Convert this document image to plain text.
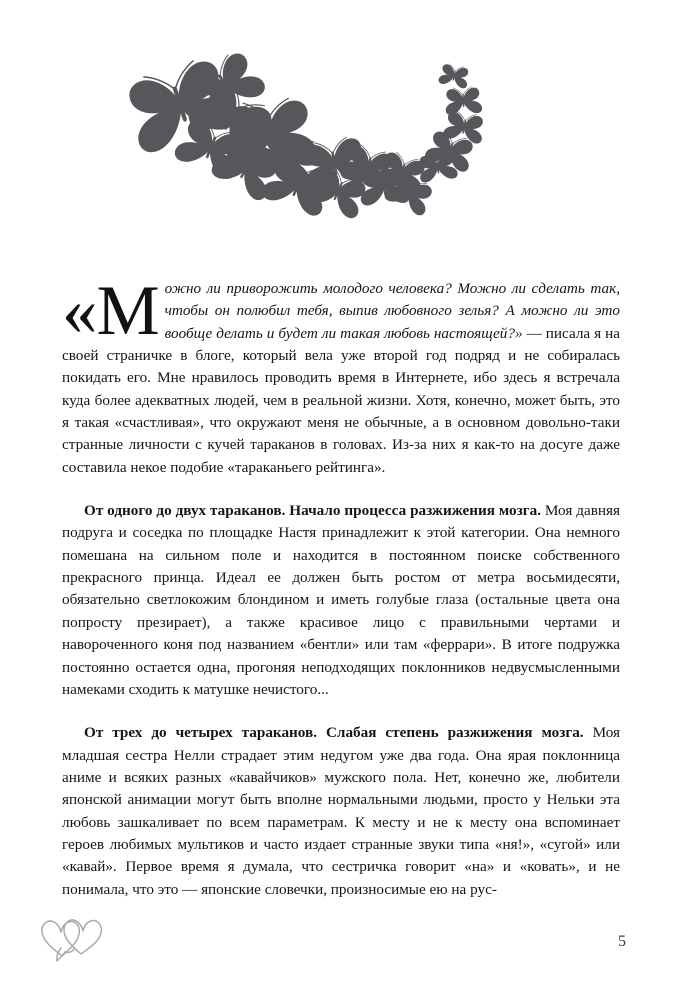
«Можно ли приворожить молодого человека? Можно ли сделать так, чтобы он полюбил тебя, выпив любовного зелья? А можно ли это вообще делать и будет ли такая любовь настоящей?» — писала я на своей страничке в блоге, который вела уже второй год подряд и не собиралась покидать его. Мне нравилось проводить время в Интернете, ибо здесь я встречала куда более адекватных людей, чем в реальной жизни. Хотя, конечно, может быть, это я такая «счастливая», что окружают меня не обычные, а в основном довольно-таки странные личности с кучей тараканов в головах. Из-за них я как-то на досуге даже составила некое подобие «тараканьего рейтинга».

От одного до двух тараканов. Начало процесса разжижения мозга. Моя давняя подруга и соседка по площадке Настя принадлежит к этой категории. Она немного помешана на сильном поле и находится в постоянном поиске собственного прекрасного принца. Идеал ее должен быть ростом от метра восьмидесяти, обязательно светлокожим блондином и иметь голубые глаза (остальные цвета она попросту презирает), а также красивое лицо с правильными чертами и навороченного коня под названием «бентли» или там «феррари». В итоге подружка постоянно остается одна, прогоняя неподходящих поклонников недвусмысленными намеками сходить к матушке нечистого...

От трех до четырех тараканов. Слабая степень разжижения мозга. Моя младшая сестра Нелли страдает этим недугом уже два года. Она ярая поклонница аниме и всяких разных «кавайчиков» мужского пола. Нет, конечно же, любители японской анимации могут быть вполне нормальными людьми, просто у Нельки эта любовь зашкаливает по всем параметрам. К месту и не к месту она вспоминает героев любимых мультиков и часто издает странные звуки типа «ня!», «сугой» или «кавай». Первое время я думала, что сестричка говорит «на» и «ковать», и не понимала, что это — японские словечки, произносимые ею на рус-

5
